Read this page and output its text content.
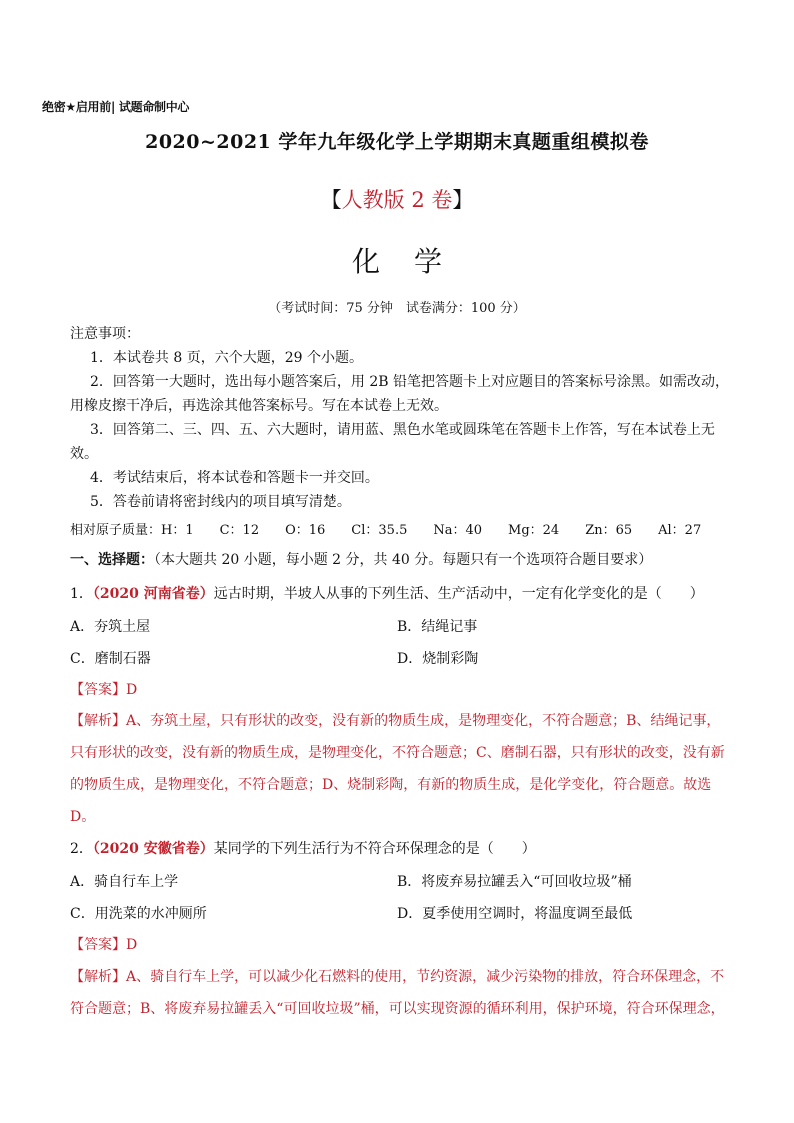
绝密★启用前| 试题命制中心
2020~2021 学年九年级化学上学期期末真题重组模拟卷
【人教版 2 卷】
化学
（考试时间：75 分钟　试卷满分：100 分）
注意事项：
1．本试卷共 8 页，六个大题，29 个小题。
2．回答第一大题时，选出每小题答案后，用 2B 铅笔把答题卡上对应题目的答案标号涂黑。如需改动，
用橡皮擦干净后，再选涂其他答案标号。写在本试卷上无效。
3．回答第二、三、四、五、六大题时，请用蓝、黑色水笔或圆珠笔在答题卡上作答，写在本试卷上无
效。
4．考试结束后，将本试卷和答题卡一并交回。
5．答卷前请将密封线内的项目填写清楚。
相对原子质量：H：1　　C：12　　O：16　　Cl：35.5　　Na：40　　Mg：24　　Zn：65　　Al：27
一、选择题：（本大题共 20 小题，每小题 2 分，共 40 分。每题只有一个选项符合题目要求）
1．（2020 河南省卷）远古时期，半坡人从事的下列生活、生产活动中，一定有化学变化的是（　　）
A．夯筑土屋	B．结绳记事
C．磨制石器	D．烧制彩陶
【答案】D
【解析】A、夯筑土屋，只有形状的改变，没有新的物质生成，是物理变化，不符合题意；B、结绳记事，
只有形状的改变，没有新的物质生成，是物理变化，不符合题意；C、磨制石器，只有形状的改变，没有新
的物质生成，是物理变化，不符合题意；D、烧制彩陶，有新的物质生成，是化学变化，符合题意。故选
D。
2．（2020 安徽省卷）某同学的下列生活行为不符合环保理念的是（　　）
A．骑自行车上学	B．将废弃易拉罐丢入“可回收垃圾”桶
C．用洗菜的水冲厕所	D．夏季使用空调时，将温度调至最低
【答案】D
【解析】A、骑自行车上学，可以减少化石燃料的使用，节约资源，减少污染物的排放，符合环保理念，不
符合题意；B、将废弃易拉罐丢入“可回收垃圾”桶，可以实现资源的循环利用，保护环境，符合环保理念，
